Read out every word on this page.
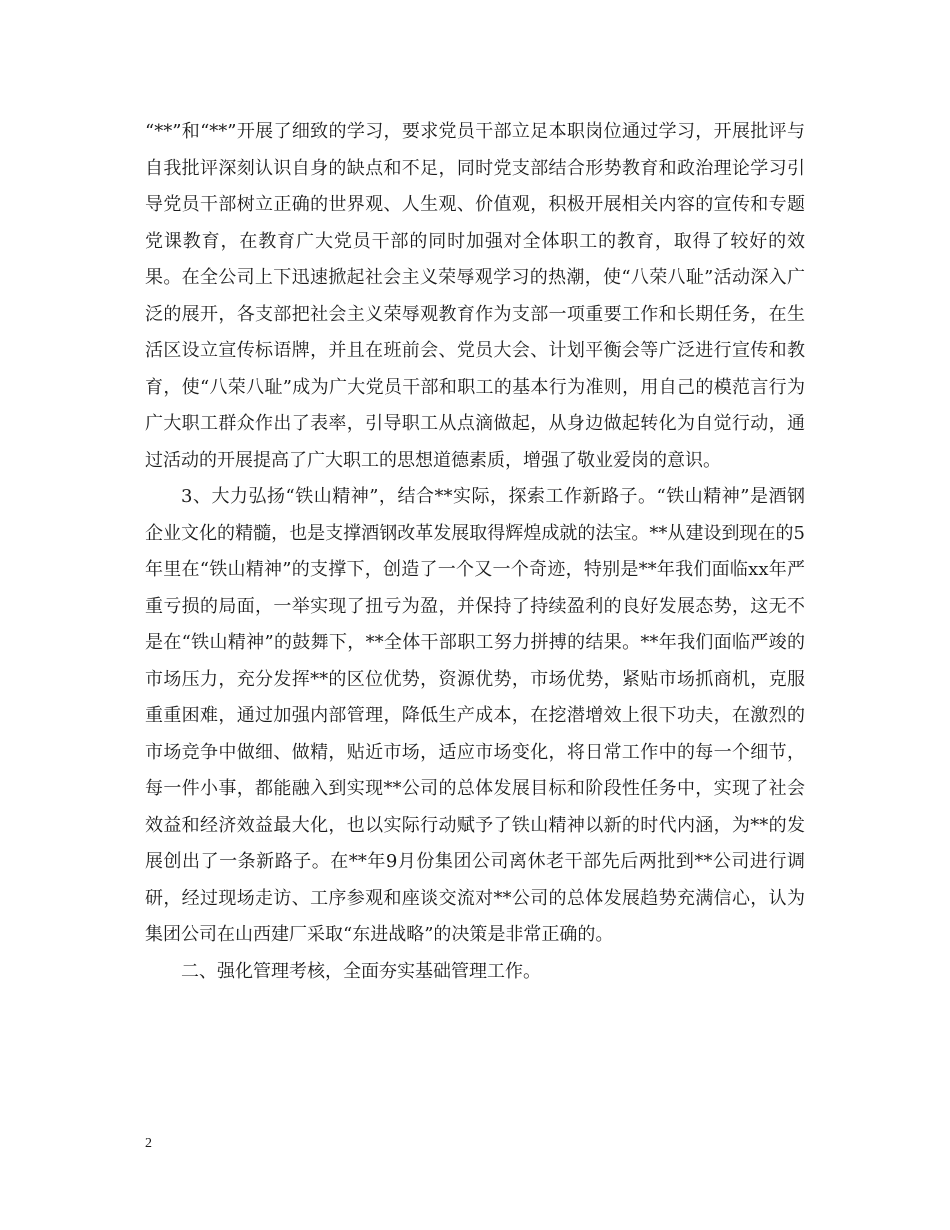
“**”和“**”开展了细致的学习，要求党员干部立足本职岗位通过学习，开展批评与自我批评深刻认识自身的缺点和不足，同时党支部结合形势教育和政治理论学习引导党员干部树立正确的世界观、人生观、价值观，积极开展相关内容的宣传和专题党课教育，在教育广大党员干部的同时加强对全体职工的教育，取得了较好的效果。在全公司上下迅速掀起社会主义荣辱观学习的热潮，使“八荣八耻”活动深入广泛的展开，各支部把社会主义荣辱观教育作为支部一项重要工作和长期任务，在生活区设立宣传标语牌，并且在班前会、党员大会、计划平衡会等广泛进行宣传和教育，使“八荣八耻”成为广大党员干部和职工的基本行为准则，用自己的模范言行为广大职工群众作出了表率，引导职工从点滴做起，从身边做起转化为自觉行动，通过活动的开展提高了广大职工的思想道德素质，增强了敬业爱岗的意识。

3、大力弘扬“铁山精神”，结合**实际，探索工作新路子。“铁山精神”是酒钢企业文化的精髓，也是支撑酒钢改革发展取得辉煌成就的法宝。**从建设到现在的5年里在“铁山精神”的支撑下，创造了一个又一个奇迹，特别是**年我们面临xx年严重亏损的局面，一举实现了扭亏为盈，并保持了持续盈利的良好发展态势，这无不是在“铁山精神”的鼓舞下，**全体干部职工努力拼搏的结果。**年我们面临严竣的市场压力，充分发挥**的区位优势，资源优势，市场优势，紧贴市场抓商机，克服重重困难，通过加强内部管理，降低生产成本，在挖潜增效上很下功夫，在激烈的市场竞争中做细、做精，贴近市场，适应市场变化，将日常工作中的每一个细节，每一件小事，都能融入到实现**公司的总体发展目标和阶段性任务中，实现了社会效益和经济效益最大化，也以实际行动赋予了铁山精神以新的时代内涵，为**的发展创出了一条新路子。在**年9月份集团公司离休老干部先后两批到**公司进行调研，经过现场走访、工序参观和座谈交流对**公司的总体发展趋势充满信心，认为集团公司在山西建厂采取“东进战略”的决策是非常正确的。

二、强化管理考核，全面夯实基础管理工作。

2
